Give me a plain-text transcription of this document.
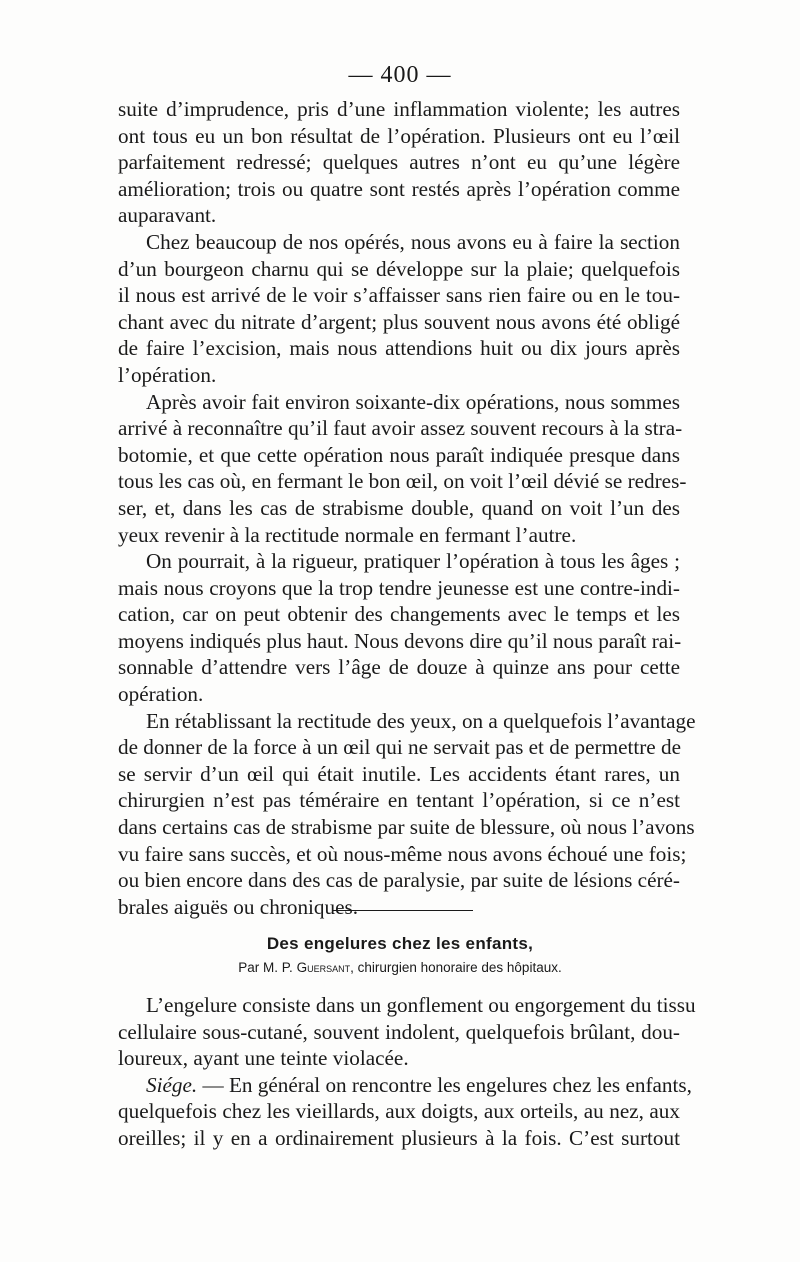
— 400 —
suite d’imprudence, pris d’une inflammation violente; les autres
ont tous eu un bon résultat de l’opération. Plusieurs ont eu l’œil
parfaitement redressé; quelques autres n’ont eu qu’une légère
amélioration; trois ou quatre sont restés après l’opération comme
auparavant.
Chez beaucoup de nos opérés, nous avons eu à faire la section
d’un bourgeon charnu qui se développe sur la plaie; quelquefois
il nous est arrivé de le voir s’affaisser sans rien faire ou en le tou-
chant avec du nitrate d’argent; plus souvent nous avons été obligé
de faire l’excision, mais nous attendions huit ou dix jours après
l’opération.
Après avoir fait environ soixante-dix opérations, nous sommes
arrivé à reconnaître qu’il faut avoir assez souvent recours à la stra-
botomie, et que cette opération nous paraît indiquée presque dans
tous les cas où, en fermant le bon œil, on voit l’œil dévié se redres-
ser, et, dans les cas de strabisme double, quand on voit l’un des
yeux revenir à la rectitude normale en fermant l’autre.
On pourrait, à la rigueur, pratiquer l’opération à tous les âges ;
mais nous croyons que la trop tendre jeunesse est une contre-indi-
cation, car on peut obtenir des changements avec le temps et les
moyens indiqués plus haut. Nous devons dire qu’il nous paraît rai-
sonnable d’attendre vers l’âge de douze à quinze ans pour cette
opération.
En rétablissant la rectitude des yeux, on a quelquefois l’avantage
de donner de la force à un œil qui ne servait pas et de permettre de
se servir d’un œil qui était inutile. Les accidents étant rares, un
chirurgien n’est pas téméraire en tentant l’opération, si ce n’est
dans certains cas de strabisme par suite de blessure, où nous l’avons
vu faire sans succès, et où nous-même nous avons échoué une fois;
ou bien encore dans des cas de paralysie, par suite de lésions céré-
brales aiguës ou chroniques.
Des engelures chez les enfants,
Par M. P. Guersant, chirurgien honoraire des hôpitaux.
L’engelure consiste dans un gonflement ou engorgement du tissu
cellulaire sous-cutané, souvent indolent, quelquefois brûlant, dou-
loureux, ayant une teinte violacée.
Siége. — En général on rencontre les engelures chez les enfants,
quelquefois chez les vieillards, aux doigts, aux orteils, au nez, aux
oreilles; il y en a ordinairement plusieurs à la fois. C’est surtout
